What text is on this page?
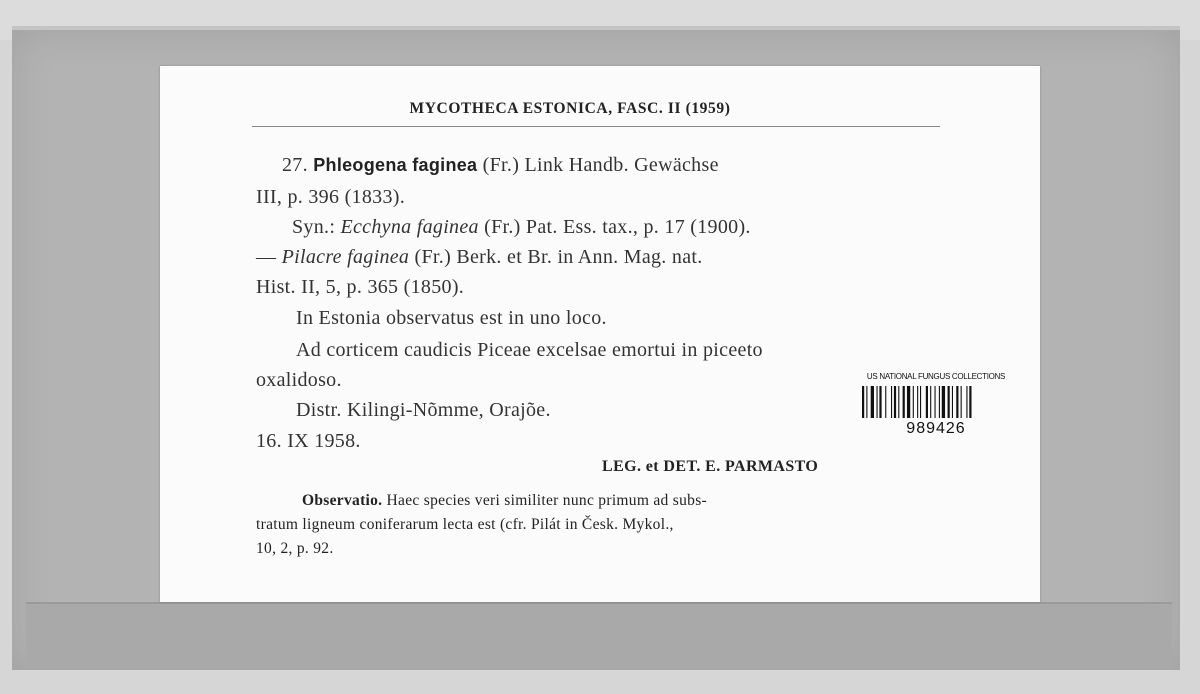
MYCOTHECA ESTONICA, FASC. II (1959)
27. Phleogena faginea (Fr.) Link Handb. Gewächse
III, p. 396 (1833).
Syn.: Ecchyna faginea (Fr.) Pat. Ess. tax., p. 17 (1900).
— Pilacre faginea (Fr.) Berk. et Br. in Ann. Mag. nat.
Hist. II, 5, p. 365 (1850).
In Estonia observatus est in uno loco.
Ad corticem caudicis Piceae excelsae emortui in piceeto
oxalidoso.
Distr. Kilingi-Nõmme, Orajõe.
16. IX 1958.
LEG. et DET. E. PARMASTO
Observatio. Haec species veri similiter nunc primum ad subs-
tratum ligneum coniferarum lecta est (cfr. Pilát in Česk. Mykol.,
10, 2, p. 92.
US NATIONAL FUNGUS COLLECTIONS
989426
